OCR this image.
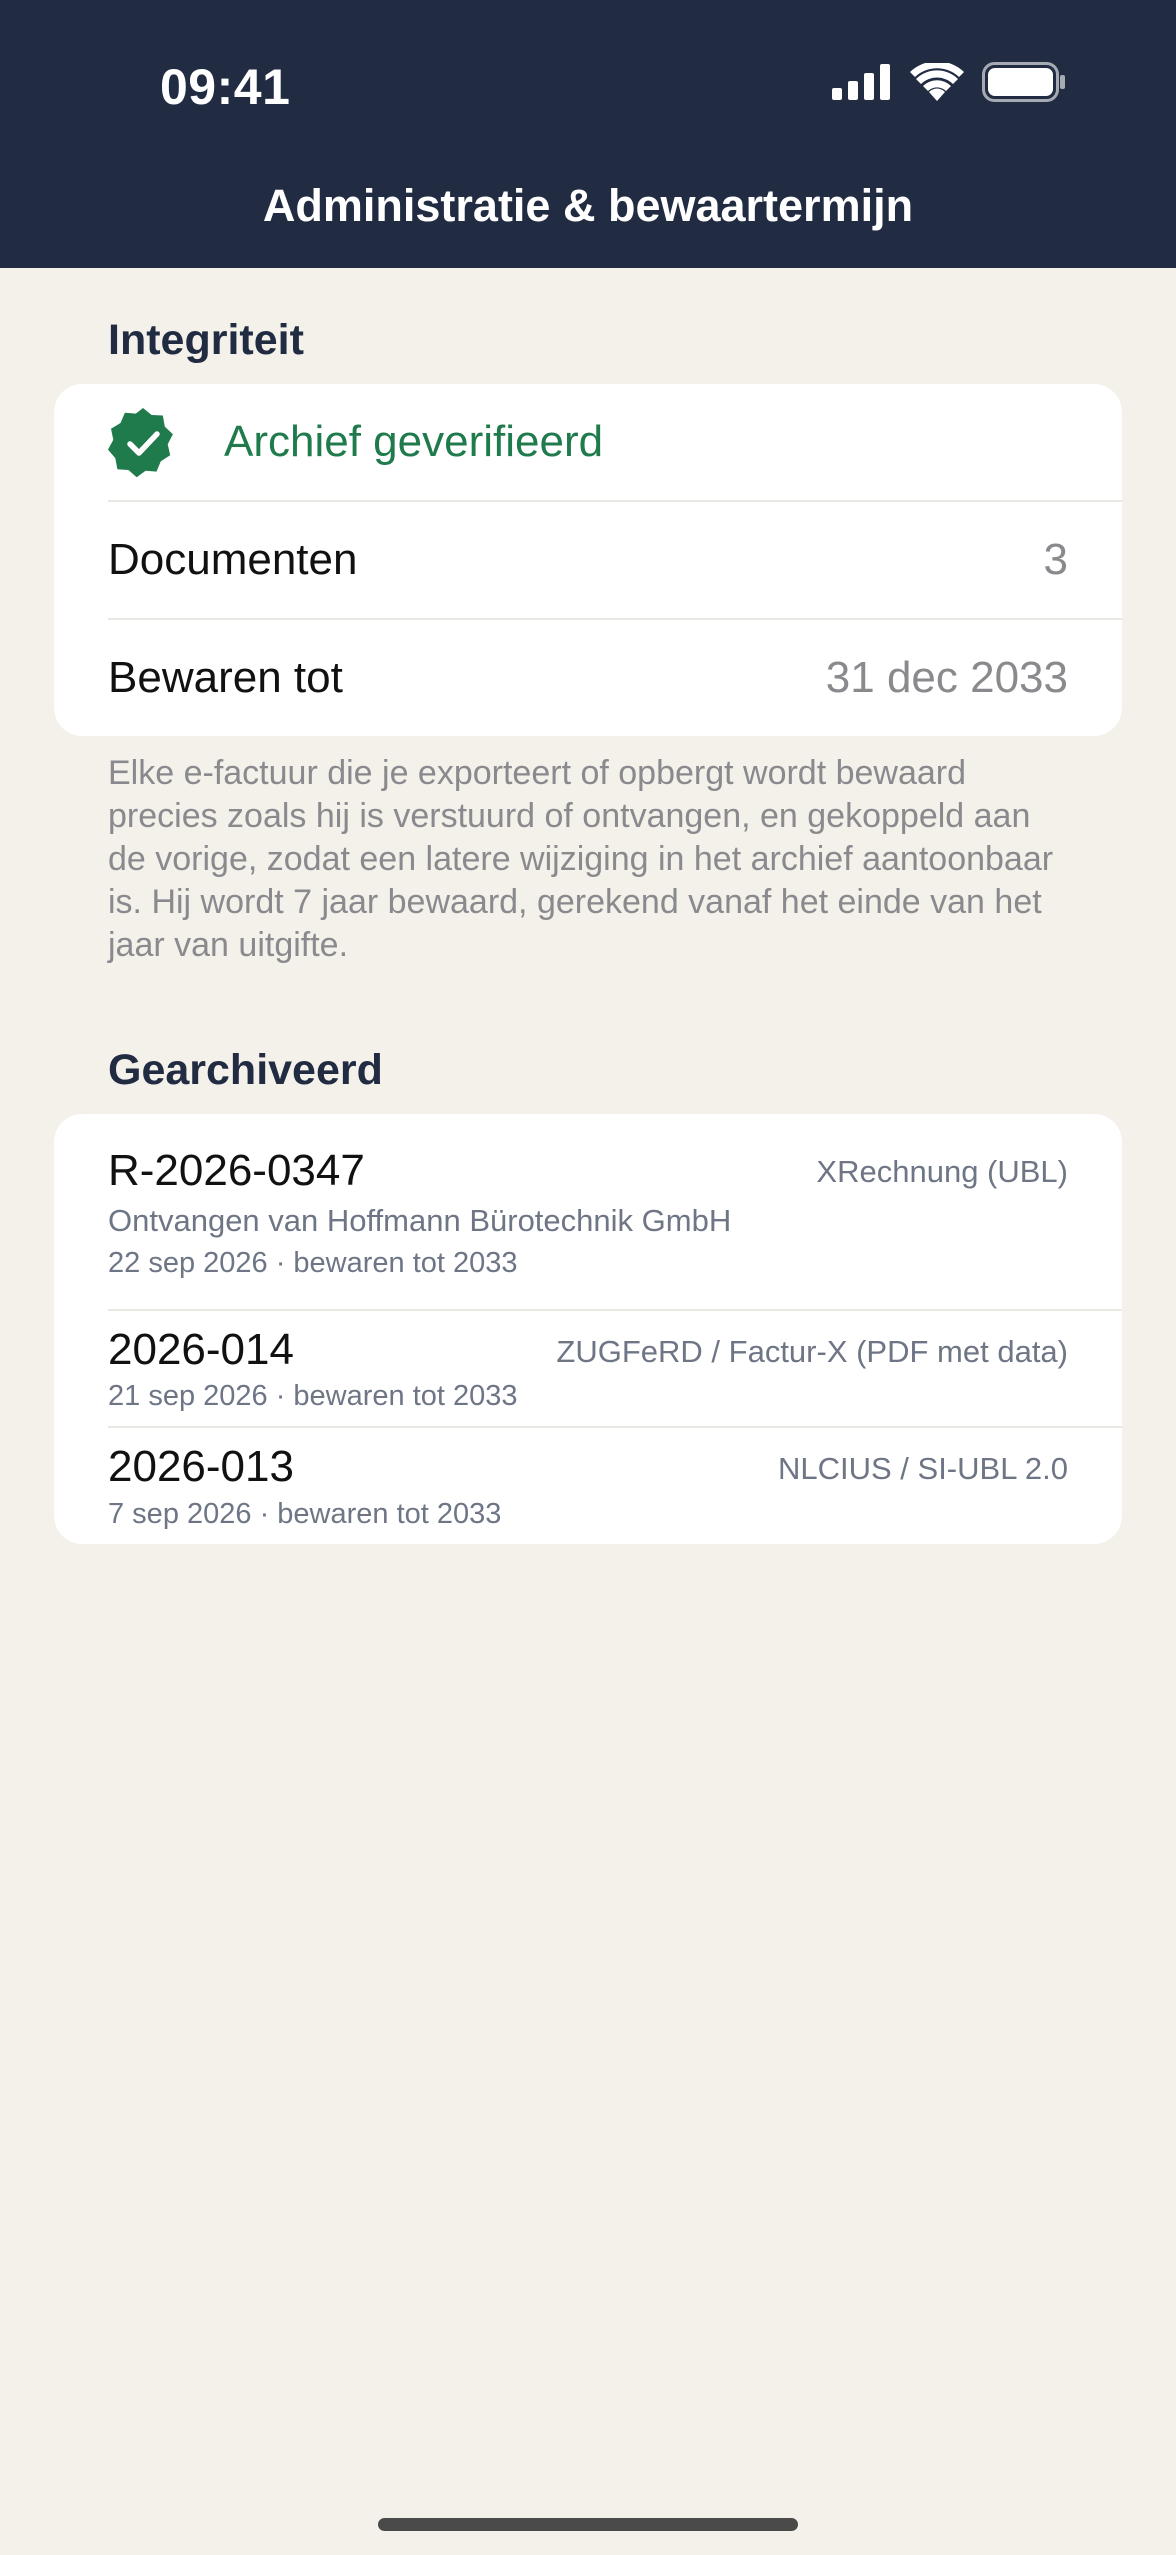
09:41
Administratie & bewaartermijn
Integriteit
Archief geverifieerd
Documenten	3
Bewaren tot	31 dec 2033
Elke e-factuur die je exporteert of opbergt wordt bewaard precies zoals hij is verstuurd of ontvangen, en gekoppeld aan de vorige, zodat een latere wijziging in het archief aantoonbaar is. Hij wordt 7 jaar bewaard, gerekend vanaf het einde van het jaar van uitgifte.
Gearchiveerd
R-2026-0347	XRechnung (UBL)
Ontvangen van Hoffmann Bürotechnik GmbH
22 sep 2026 · bewaren tot 2033
2026-014	ZUGFeRD / Factur-X (PDF met data)
21 sep 2026 · bewaren tot 2033
2026-013	NLCIUS / SI-UBL 2.0
7 sep 2026 · bewaren tot 2033
